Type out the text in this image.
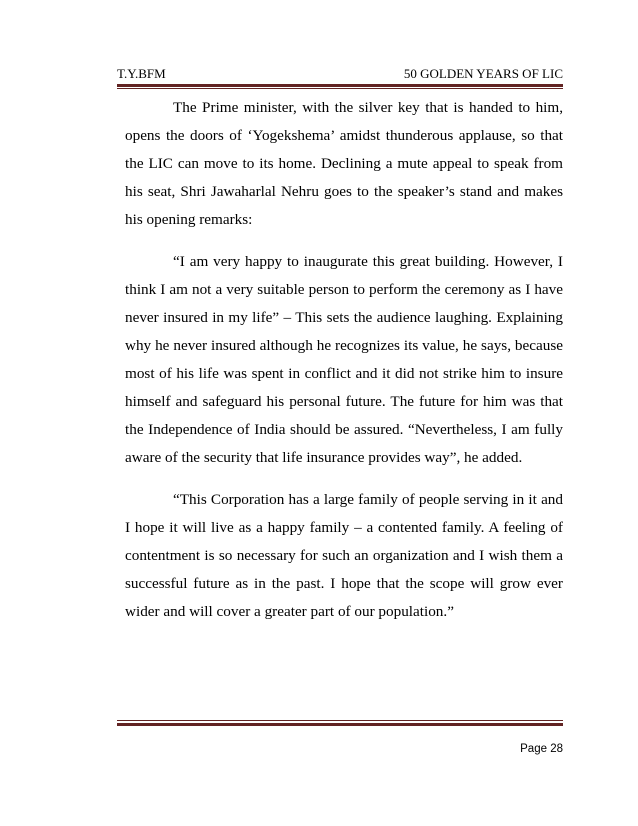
T.Y.BFM	50 GOLDEN YEARS OF LIC

The Prime minister, with the silver key that is handed to him, opens the doors of ‘Yogekshema’ amidst thunderous applause, so that the LIC can move to its home. Declining a mute appeal to speak from his seat, Shri Jawaharlal Nehru goes to the speaker’s stand and makes his opening remarks:

“I am very happy to inaugurate this great building. However, I think I am not a very suitable person to perform the ceremony as I have never insured in my life” – This sets the audience laughing. Explaining why he never insured although he recognizes its value, he says, because most of his life was spent in conflict and it did not strike him to insure himself and safeguard his personal future. The future for him was that the Independence of India should be assured. “Nevertheless, I am fully aware of the security that life insurance provides way”, he added.

“This Corporation has a large family of people serving in it and I hope it will live as a happy family – a contented family. A feeling of contentment is so necessary for such an organization and I wish them a successful future as in the past. I hope that the scope will grow ever wider and will cover a greater part of our population.”

Page 28
